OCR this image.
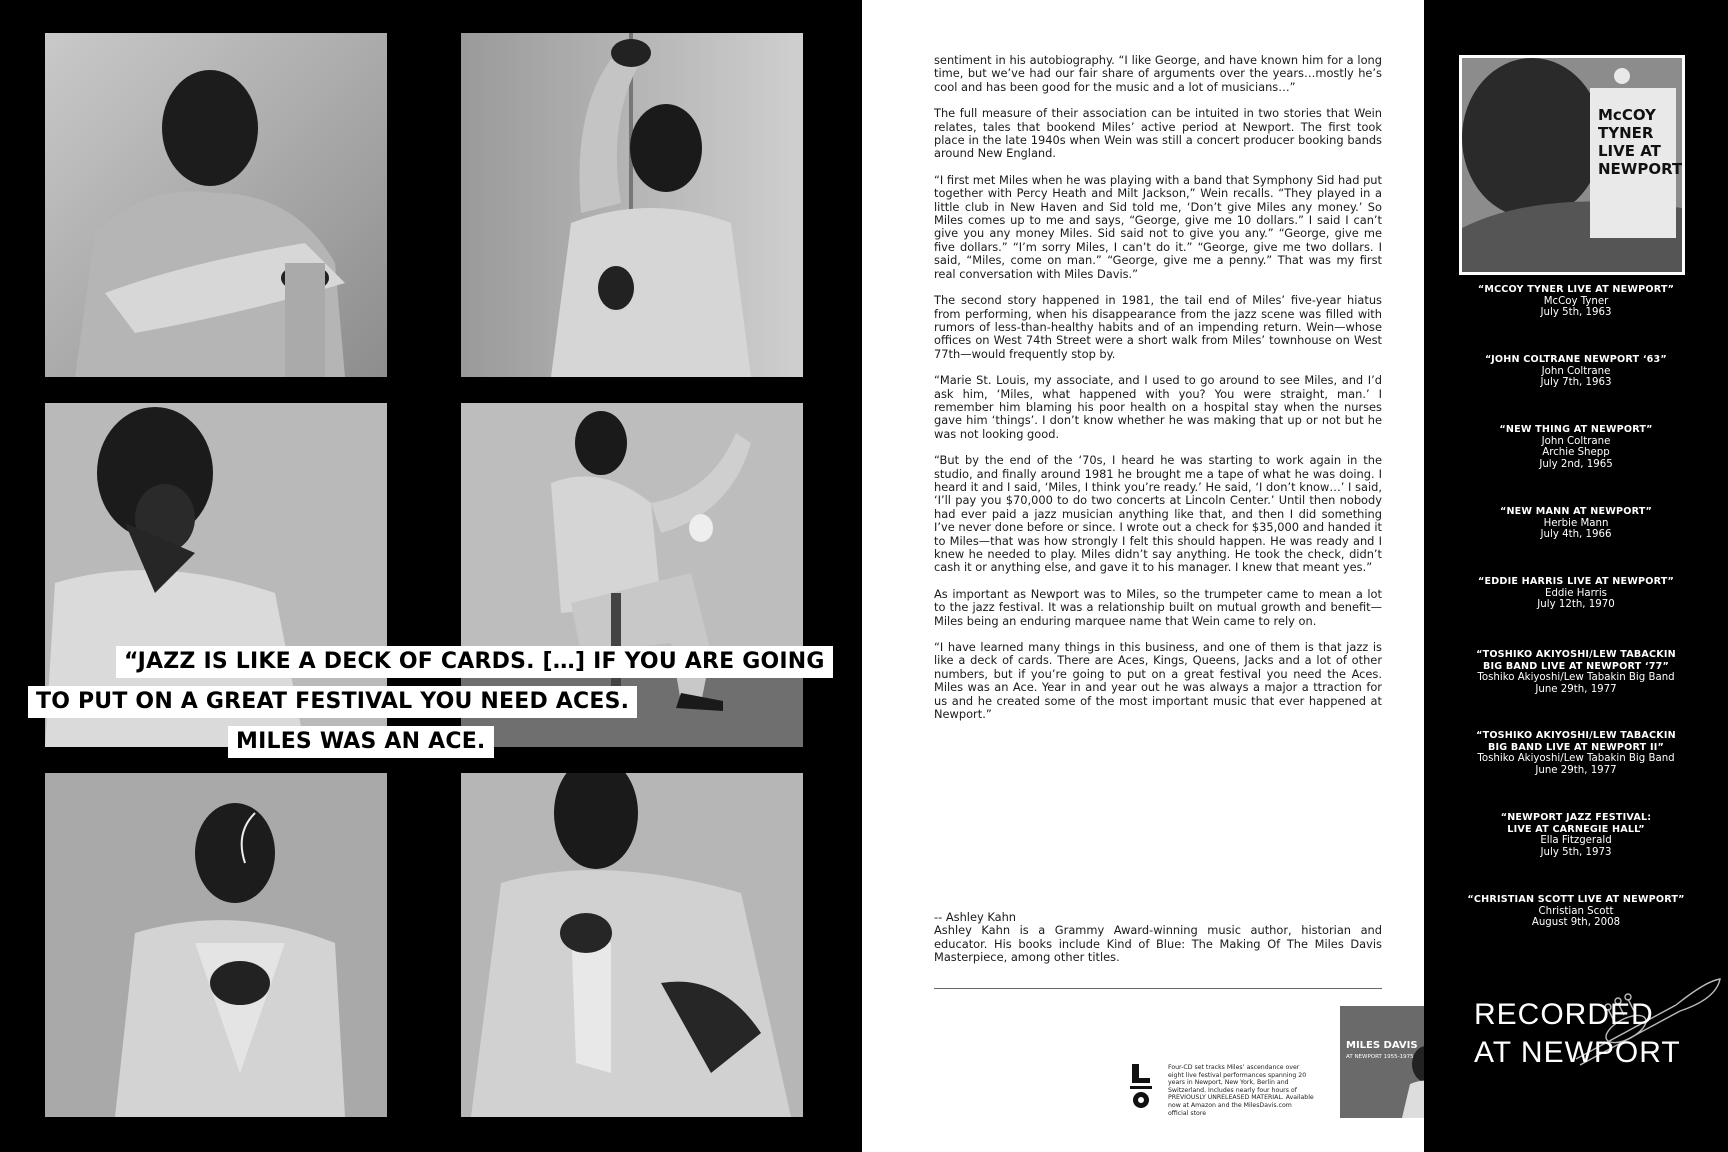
“JAZZ IS LIKE A DECK OF CARDS. […] IF YOU ARE GOING
TO PUT ON A GREAT FESTIVAL YOU NEED ACES.
MILES WAS AN ACE.

sentiment in his autobiography. “I like George, and have known him for a long time, but we’ve had our fair share of arguments over the years…mostly he’s cool and has been good for the music and a lot of musicians…”

The full measure of their association can be intuited in two stories that Wein relates, tales that bookend Miles’ active period at Newport. The first took place in the late 1940s when Wein was still a concert producer booking bands around New England.

“I first met Miles when he was playing with a band that Symphony Sid had put together with Percy Heath and Milt Jackson,” Wein recalls. “They played in a little club in New Haven and Sid told me, ‘Don’t give Miles any money.’ So Miles comes up to me and says, “George, give me 10 dollars.” I said I can’t give you any money Miles. Sid said not to give you any.” “George, give me five dollars.” “I’m sorry Miles, I can’t do it.” “George, give me two dollars. I said, “Miles, come on man.” “George, give me a penny.” That was my first real conversation with Miles Davis.”

The second story happened in 1981, the tail end of Miles’ five-year hiatus from performing, when his disappearance from the jazz scene was filled with rumors of less-than-healthy habits and of an impending return. Wein—whose offices on West 74th Street were a short walk from Miles’ townhouse on West 77th—would frequently stop by.

“Marie St. Louis, my associate, and I used to go around to see Miles, and I’d ask him, ‘Miles, what happened with you? You were straight, man.’ I remember him blaming his poor health on a hospital stay when the nurses gave him ‘things’. I don’t know whether he was making that up or not but he was not looking good.

“But by the end of the ‘70s, I heard he was starting to work again in the studio, and finally around 1981 he brought me a tape of what he was doing. I heard it and I said, ‘Miles, I think you’re ready.’ He said, ‘I don’t know…’ I said, ‘I’ll pay you $70,000 to do two concerts at Lincoln Center.’ Until then nobody had ever paid a jazz musician anything like that, and then I did something I’ve never done before or since. I wrote out a check for $35,000 and handed it to Miles—that was how strongly I felt this should happen. He was ready and I knew he needed to play. Miles didn’t say anything. He took the check, didn’t cash it or anything else, and gave it to his manager. I knew that meant yes.”

As important as Newport was to Miles, so the trumpeter came to mean a lot to the jazz festival. It was a relationship built on mutual growth and benefit—Miles being an enduring marquee name that Wein came to rely on.

“I have learned many things in this business, and one of them is that jazz is like a deck of cards. There are Aces, Kings, Queens, Jacks and a lot of other numbers, but if you’re going to put on a great festival you need the Aces. Miles was an Ace. Year in and year out he was always a major a ttraction for us and he created some of the most important music that ever happened at Newport.”

-- Ashley Kahn

Ashley Kahn is a Grammy Award-winning music author, historian and educator. His books include Kind of Blue: The Making Of The Miles Davis Masterpiece, among other titles.

Four-CD set tracks Miles’ ascendance over eight live festival performances spanning 20 years in Newport, New York, Berlin and Switzerland. Includes nearly four hours of PREVIOUSLY UNRELEASED MATERIAL. Available now at Amazon and the MilesDavis.com official store
MILES DAVIS
AT NEWPORT 1955-1975
McCOY
TYNER
LIVE AT
NEWPORT
“MCCOY TYNER LIVE AT NEWPORT”
McCoy Tyner
July 5th, 1963
“JOHN COLTRANE NEWPORT ‘63”
John Coltrane
July 7th, 1963
“NEW THING AT NEWPORT”
John Coltrane
Archie Shepp
July 2nd, 1965
“NEW MANN AT NEWPORT”
Herbie Mann
July 4th, 1966
“EDDIE HARRIS LIVE AT NEWPORT”
Eddie Harris
July 12th, 1970
“TOSHIKO AKIYOSHI/LEW TABACKIN
BIG BAND LIVE AT NEWPORT ‘77”
Toshiko Akiyoshi/Lew Tabakin Big Band
June 29th, 1977
“TOSHIKO AKIYOSHI/LEW TABACKIN
BIG BAND LIVE AT NEWPORT II”
Toshiko Akiyoshi/Lew Tabakin Big Band
June 29th, 1977
“NEWPORT JAZZ FESTIVAL:
LIVE AT CARNEGIE HALL”
Ella Fitzgerald
July 5th, 1973
“CHRISTIAN SCOTT LIVE AT NEWPORT”
Christian Scott
August 9th, 2008
RECORDED
AT NEWPORT
